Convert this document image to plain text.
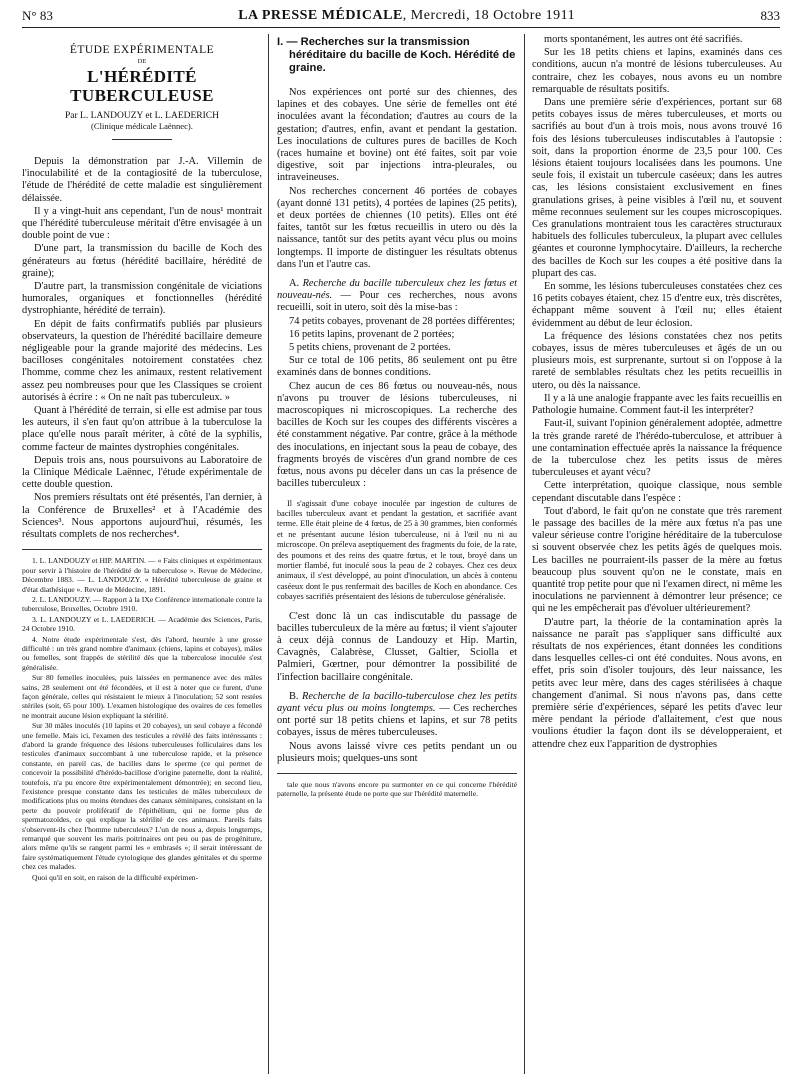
N° 83	LA PRESSE MÉDICALE, Mercredi, 18 Octobre 1911	833
ÉTUDE EXPÉRIMENTALE
DE
L'HÉRÉDITÉ TUBERCULEUSE
Par L. LANDOUZY et L. LAEDERICH
(Clinique médicale Laënnec).

Depuis la démonstration par J.-A. Villemin de l'inoculabilité et de la contagiosité de la tuberculose, l'étude de l'hérédité de cette maladie est singulièrement délaissée.

Il y a vingt-huit ans cependant, l'un de nous¹ montrait que l'hérédité tuberculeuse méritait d'être envisagée à un double point de vue :

D'une part, la transmission du bacille de Koch des générateurs au fœtus (hérédité bacillaire, hérédité de graine);

D'autre part, la transmission congénitale de viciations humorales, organiques et fonctionnelles (hérédité dystrophiante, hérédité de terrain).

En dépit de faits confirmatifs publiés par plusieurs observateurs, la question de l'hérédité bacillaire demeure négligeable pour la grande majorité des médecins. Les bacilloses congénitales notoirement constatées chez l'homme, comme chez les animaux, restent relativement assez peu nombreuses pour que les Classiques se croient autorisés à écrire : « On ne naît pas tuberculeux. »

Quant à l'hérédité de terrain, si elle est admise par tous les auteurs, il s'en faut qu'on attribue à la tuberculose la place qu'elle nous paraît mériter, à côté de la syphilis, comme facteur de maintes dystrophies congénitales.

Depuis trois ans, nous poursuivons au Laboratoire de la Clinique Médicale Laënnec, l'étude expérimentale de cette double question.

Nos premiers résultats ont été présentés, l'an dernier, à la Conférence de Bruxelles² et à l'Académie des Sciences³. Nous apportons aujourd'hui, résumés, les résultats complets de nos recherches⁴.

1. L. LANDOUZY et HIP. MARTIN. — « Faits cliniques et expérimentaux pour servir à l'histoire de l'hérédité de la tuberculose ». Revue de Médecine, Décembre 1883. — L. LANDOUZY. « Hérédité tuberculeuse de graine et d'état diathésique ». Revue de Médecine, 1891.
2. L. LANDOUZY. — Rapport à la IXe Conférence internationale contre la tuberculose, Bruxelles, Octobre 1910.
3. L. LANDOUZY et L. LAEDERICH. — Académie des Sciences, Paris, 24 Octobre 1910.
4. Notre étude expérimentale s'est, dès l'abord, heurtée à une grosse difficulté : un très grand nombre d'animaux (chiens, lapins et cobayes), mâles ou femelles, sont frappés de stérilité dès que la tuberculose inoculée s'est généralisée.
Sur 80 femelles inoculées, puis laissées en permanence avec des mâles sains, 28 seulement ont été fécondées, et il est à noter que ce furent, d'une façon générale, celles qui résistaient le mieux à l'inoculation; 52 sont restées stériles (soit, 65 pour 100). L'examen histologique des ovaires de ces femelles ne montrait aucune lésion expliquant la stérilité.
Sur 30 mâles inoculés (10 lapins et 20 cobayes), un seul cobaye a fécondé une femelle. Mais ici, l'examen des testicules a révélé des faits intéressants : d'abord la grande fréquence des lésions tuberculeuses folliculaires dans les testicules d'animaux succombant à une tuberculose rapide, et la présence constante, en pareil cas, de bacilles dans le sperme (ce qui permet de concevoir la possibilité d'hérédo-bacillose d'origine paternelle, dont la réalité, toutefois, n'a pu encore être expérimentalement démontrée); en second lieu, l'existence presque constante dans les testicules de mâles tuberculeux de modifications plus ou moins étendues des canaux séminipares, consistant en la perte du pouvoir prolifératif de l'épithélium, qui ne forme plus de spermatozoïdes, ce qui explique la stérilité de ces animaux. Pareils faits s'observent-ils chez l'homme tuberculeux? L'un de nous a, depuis longtemps, remarqué que souvent les maris poitrinaires ont peu ou pas de progéniture, alors même qu'ils se rangent parmi les « embrasés »; il serait intéressant de faire systématiquement l'étude cytologique des glandes génitales et du sperme chez ces malades.
Quoi qu'il en soit, en raison de la difficulté expérimen-
I. — Recherches sur la transmission héréditaire du bacille de Koch. Hérédité de graine.

Nos expériences ont porté sur des chiennes, des lapines et des cobayes. Une série de femelles ont été inoculées avant la fécondation; d'autres au cours de la gestation; d'autres, enfin, avant et pendant la gestation. Les inoculations de cultures pures de bacilles de Koch (races humaine et bovine) ont été faites, soit par voie digestive, soit par injections intra-pleurales, ou intraveineuses.

Nos recherches concernent 46 portées de cobayes (ayant donné 131 petits), 4 portées de lapines (25 petits), et deux portées de chiennes (10 petits). Elles ont été faites, tantôt sur les fœtus recueillis in utero ou dès la naissance, tantôt sur des petits ayant vécu plus ou moins longtemps. Il importe de distinguer les résultats obtenus dans l'un et l'autre cas.

A. Recherche du bacille tuberculeux chez les fœtus et nouveau-nés. — Pour ces recherches, nous avons recueilli, soit in utero, soit dès la mise-bas :

74 petits cobayes, provenant de 28 portées différentes;

16 petits lapins, provenant de 2 portées;

5 petits chiens, provenant de 2 portées.

Sur ce total de 106 petits, 86 seulement ont pu être examinés dans de bonnes conditions.

Chez aucun de ces 86 fœtus ou nouveau-nés, nous n'avons pu trouver de lésions tuberculeuses, ni macroscopiques ni microscopiques. La recherche des bacilles de Koch sur les coupes des différents viscères a été constamment négative. Par contre, grâce à la méthode des inoculations, en injectant sous la peau de cobaye, des fragments broyés de viscères d'un grand nombre de ces fœtus, nous avons pu déceler dans un cas la présence de bacilles tuberculeux :

Il s'agissait d'une cobaye inoculée par ingestion de cultures de bacilles tuberculeux avant et pendant la gestation, et sacrifiée avant terme. Elle était pleine de 4 fœtus, de 25 à 30 grammes, bien conformés et ne présentant aucune lésion tuberculeuse, ni à l'œil nu ni au microscope. On préleva aseptiquement des fragments du foie, de la rate, des poumons et des reins des quatre fœtus, et le tout, broyé dans un mortier flambé, fut inoculé sous la peau de 2 cobayes. Chez ces deux animaux, il s'est développé, au point d'inoculation, un abcès à contenu caséeux dont le pus renfermait des bacilles de Koch en abondance. Ces cobayes sacrifiés présentaient des lésions de tuberculose généralisée.

C'est donc là un cas indiscutable du passage de bacilles tuberculeux de la mère au fœtus; il vient s'ajouter à ceux déjà connus de Landouzy et Hip. Martin, Cavagnès, Calabrèse, Clusset, Galtier, Sciolla et Palmieri, Gœrtner, pour démontrer la possibilité de l'infection bacillaire congénitale.

B. Recherche de la bacillo-tuberculose chez les petits ayant vécu plus ou moins longtemps. — Ces recherches ont porté sur 18 petits chiens et lapins, et sur 78 petits cobayes, issus de mères tuberculeuses.

Nous avons laissé vivre ces petits pendant un ou plusieurs mois; quelques-uns sont

tale que nous n'avons encore pu surmonter en ce qui concerne l'hérédité paternelle, la présente étude ne porte que sur l'hérédité maternelle.

morts spontanément, les autres ont été sacrifiés.

Sur les 18 petits chiens et lapins, examinés dans ces conditions, aucun n'a montré de lésions tuberculeuses. Au contraire, chez les cobayes, nous avons eu un nombre remarquable de résultats positifs.

Dans une première série d'expériences, portant sur 68 petits cobayes issus de mères tuberculeuses, et morts ou sacrifiés au bout d'un à trois mois, nous avons trouvé 16 fois des lésions tuberculeuses indiscutables à l'autopsie : soit, dans la proportion énorme de 23,5 pour 100. Ces lésions étaient toujours localisées dans les poumons. Une seule fois, il existait un tubercule caséeux; dans les autres cas, les lésions consistaient exclusivement en fines granulations grises, à peine visibles à l'œil nu, et souvent même reconnues seulement sur les coupes microscopiques. Ces granulations montraient tous les caractères structuraux habituels des follicules tuberculeux, la plupart avec cellules géantes et couronne lymphocytaire. D'ailleurs, la recherche des bacilles de Koch sur les coupes a été positive dans la plupart des cas.

En somme, les lésions tuberculeuses constatées chez ces 16 petits cobayes étaient, chez 15 d'entre eux, très discrètes, échappant même souvent à l'œil nu; elles étaient évidemment au début de leur éclosion.

La fréquence des lésions constatées chez nos petits cobayes, issus de mères tuberculeuses et âgés de un ou plusieurs mois, est surprenante, surtout si on l'oppose à la rareté de semblables résultats chez les petits recueillis in utero, ou dès la naissance.

Il y a là une analogie frappante avec les faits recueillis en Pathologie humaine. Comment faut-il les interpréter?

Faut-il, suivant l'opinion généralement adoptée, admettre la très grande rareté de l'hérédo-tuberculose, et attribuer à une contamination effectuée après la naissance la fréquence de la tuberculose chez les petits issus de mères tuberculeuses et ayant vécu?

Cette interprétation, quoique classique, nous semble cependant discutable dans l'espèce :

Tout d'abord, le fait qu'on ne constate que très rarement le passage des bacilles de la mère aux fœtus n'a pas une valeur sérieuse contre l'origine héréditaire de la tuberculose si souvent observée chez les petits âgés de quelques mois. Les bacilles ne pourraient-ils passer de la mère au fœtus beaucoup plus souvent qu'on ne le constate, mais en quantité trop petite pour que ni l'examen direct, ni même les inoculations ne parviennent à démontrer leur présence; ce qui ne les empêcherait pas d'évoluer ultérieurement?

D'autre part, la théorie de la contamination après la naissance ne paraît pas s'appliquer sans difficulté aux résultats de nos expériences, étant données les conditions dans lesquelles celles-ci ont été conduites. Nous avons, en effet, pris soin d'isoler toujours, dès leur naissance, les petits avec leur mère, dans des cages stérilisées à chaque changement d'animal. Si nous n'avons pas, dans cette première série d'expériences, séparé les petits d'avec leur mère pendant la période d'allaitement, c'est que nous voulions étudier la façon dont ils se développeraient, et attendre chez eux l'apparition de dystrophies
